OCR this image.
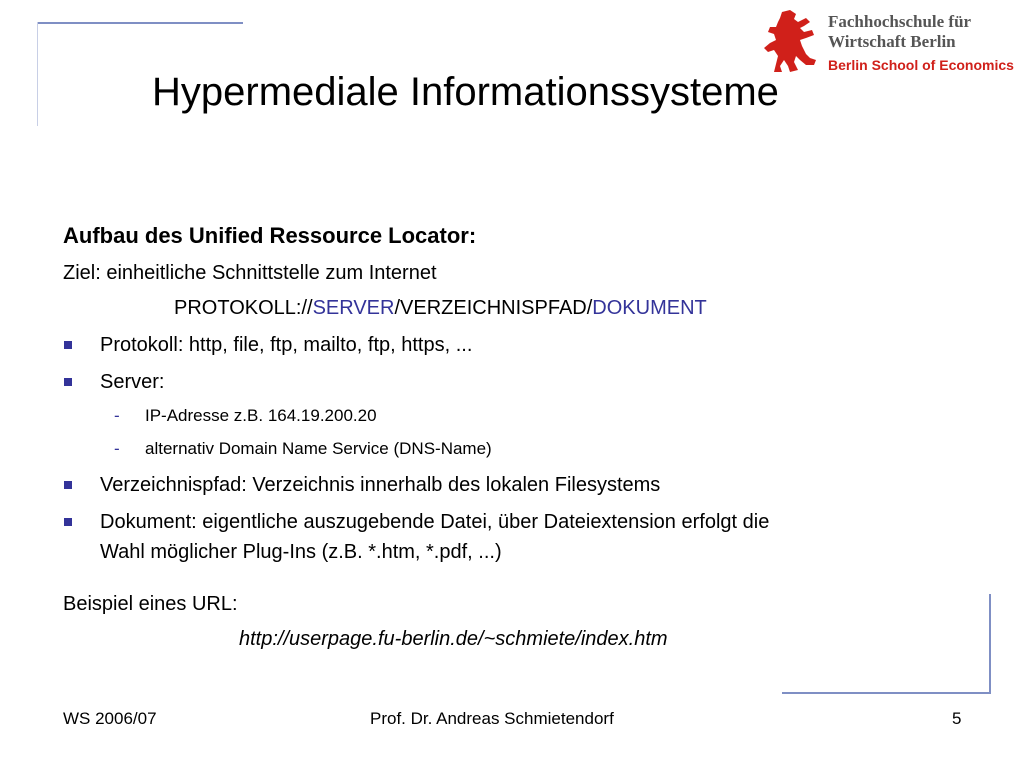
Fachhochschule für
Wirtschaft Berlin
Berlin School of Economics
Hypermediale Informationssysteme
Aufbau des Unified Ressource Locator:
Ziel: einheitliche Schnittstelle zum Internet
PROTOKOLL://SERVER/VERZEICHNISPFAD/DOKUMENT
Protokoll: http, file, ftp, mailto, ftp, https, ...
Server:
- IP-Adresse z.B. 164.19.200.20
- alternativ Domain Name Service (DNS-Name)
Verzeichnispfad: Verzeichnis innerhalb des lokalen Filesystems
Dokument: eigentliche auszugebende Datei, über Dateiextension erfolgt die
Wahl möglicher Plug-Ins (z.B. *.htm, *.pdf, ...)
Beispiel eines URL:
http://userpage.fu-berlin.de/~schmiete/index.htm
WS 2006/07	Prof. Dr. Andreas Schmietendorf	5
